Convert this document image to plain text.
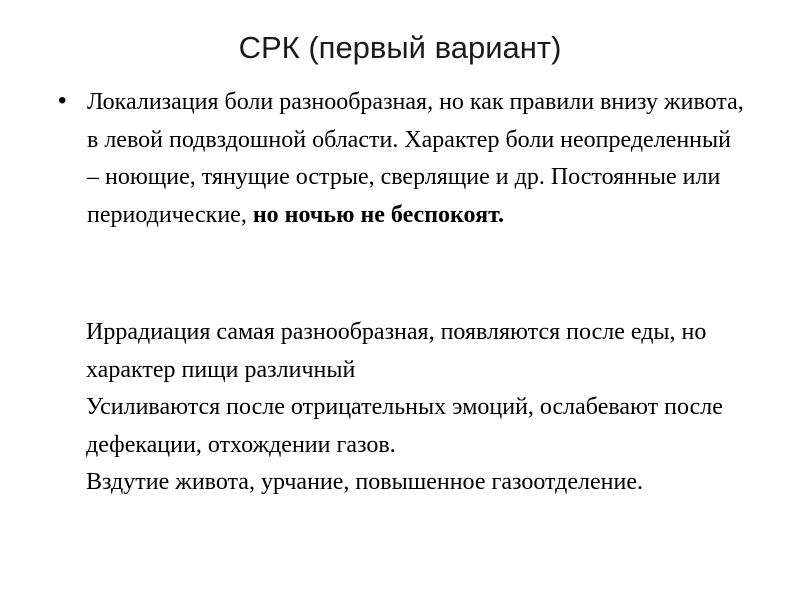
СРК (первый вариант)
• Локализация боли разнообразная, но как правили внизу живота, в левой подвздошной области. Характер боли неопределенный – ноющие, тянущие острые, сверлящие и др. Постоянные или периодические, но ночью не беспокоят.
Иррадиация самая разнообразная, появляются после еды, но характер пищи различный
Усиливаются после отрицательных эмоций, ослабевают после дефекации, отхождении газов.
Вздутие живота, урчание, повышенное газоотделение.
